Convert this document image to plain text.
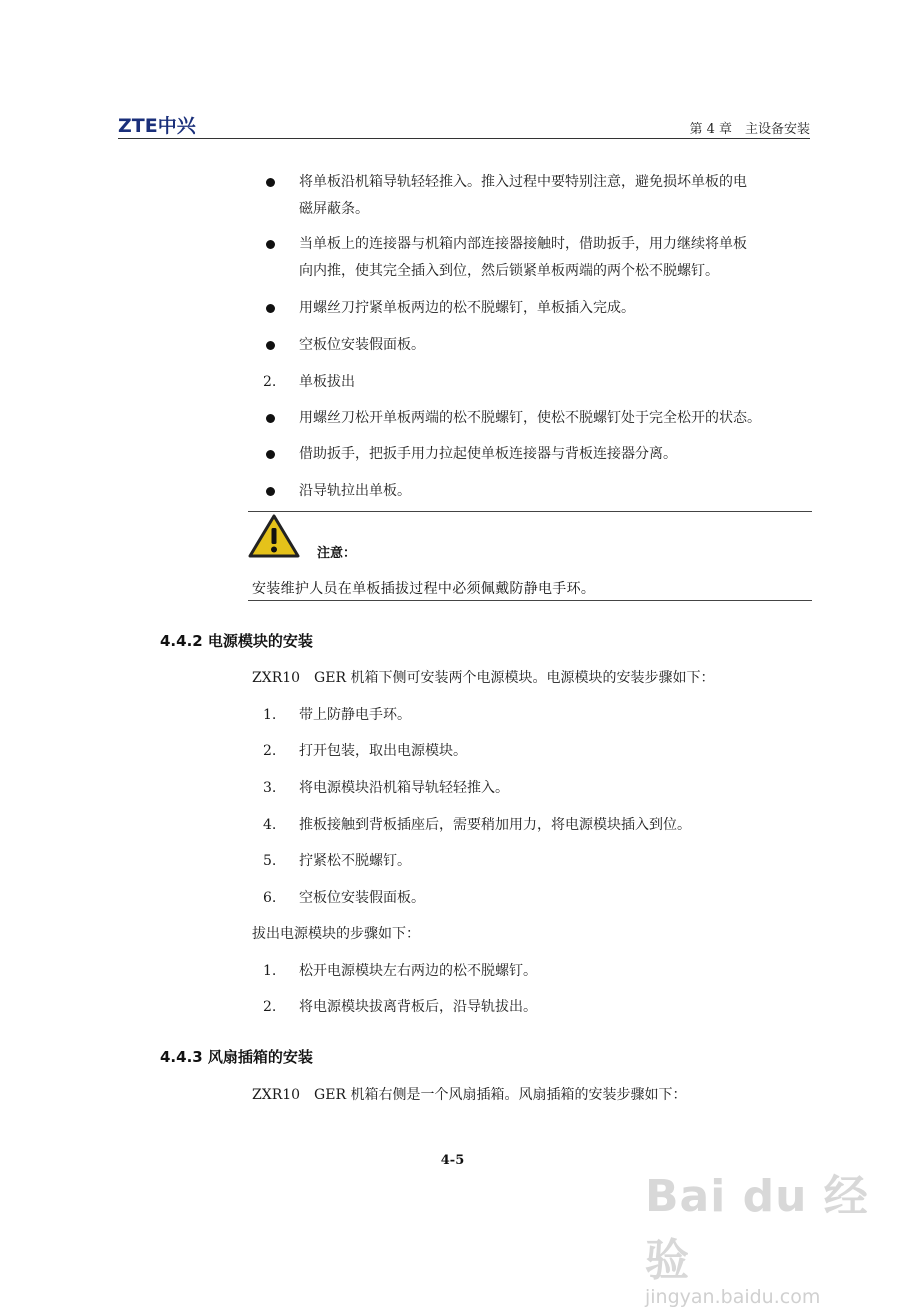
ZTE中兴	第 4 章　主设备安装
将单板沿机箱导轨轻轻推入。推入过程中要特别注意，避免损坏单板的电
磁屏蔽条。
当单板上的连接器与机箱内部连接器接触时，借助扳手，用力继续将单板
向内推，使其完全插入到位，然后锁紧单板两端的两个松不脱螺钉。
用螺丝刀拧紧单板两边的松不脱螺钉，单板插入完成。
空板位安装假面板。
2. 单板拔出
用螺丝刀松开单板两端的松不脱螺钉，使松不脱螺钉处于完全松开的状态。
借助扳手，把扳手用力拉起使单板连接器与背板连接器分离。
沿导轨拉出单板。
注意：
安装维护人员在单板插拔过程中必须佩戴防静电手环。
4.4.2 电源模块的安装
ZXR10　GER 机箱下侧可安装两个电源模块。电源模块的安装步骤如下：
1. 带上防静电手环。
2. 打开包装，取出电源模块。
3. 将电源模块沿机箱导轨轻轻推入。
4. 推板接触到背板插座后，需要稍加用力，将电源模块插入到位。
5. 拧紧松不脱螺钉。
6. 空板位安装假面板。
拔出电源模块的步骤如下：
1. 松开电源模块左右两边的松不脱螺钉。
2. 将电源模块拔离背板后，沿导轨拔出。
4.4.3 风扇插箱的安装
ZXR10　GER 机箱右侧是一个风扇插箱。风扇插箱的安装步骤如下：
4-5
Bai du 经验
jingyan.baidu.com
